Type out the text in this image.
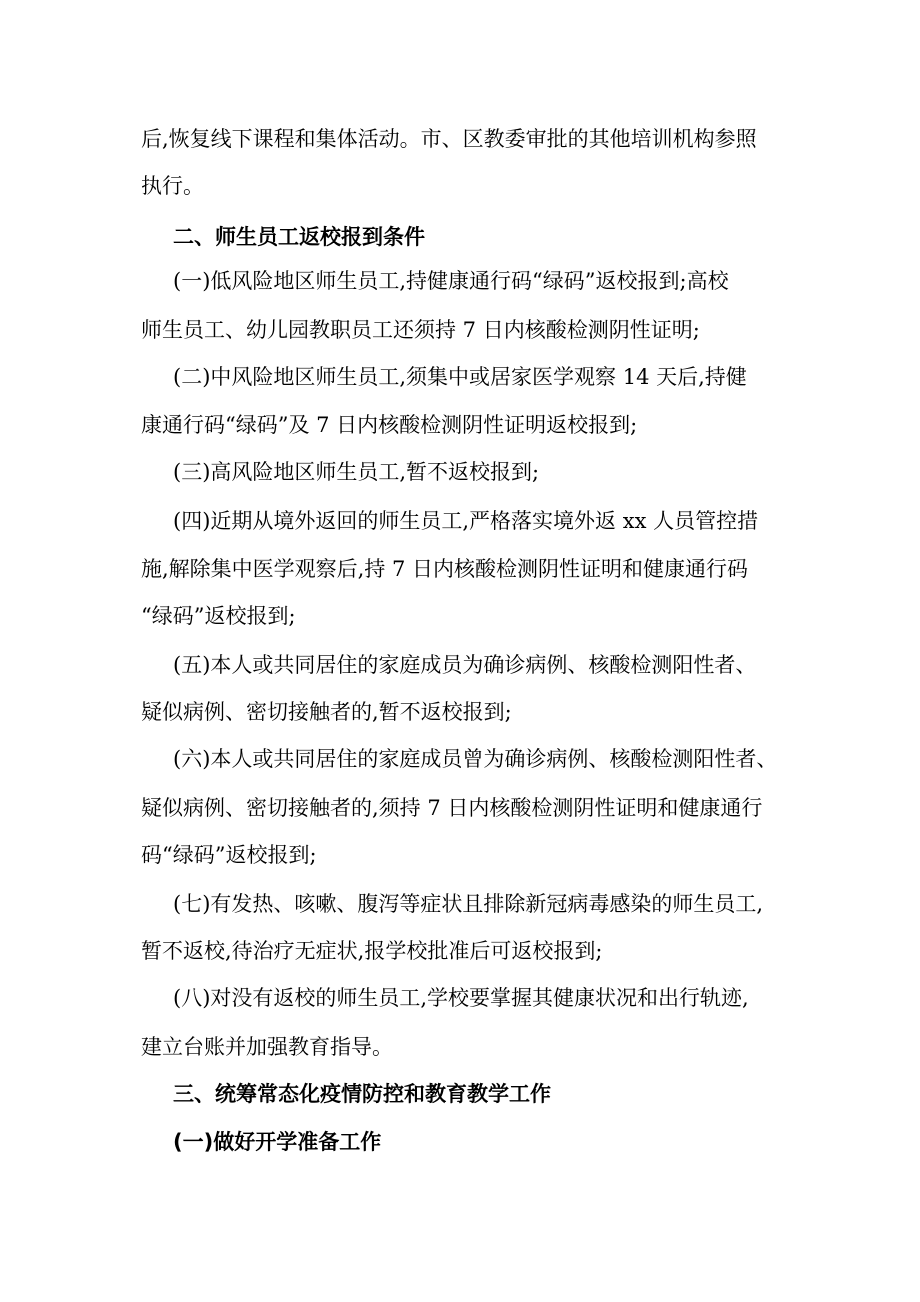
后,恢复线下课程和集体活动。市、区教委审批的其他培训机构参照
执行。
二、师生员工返校报到条件
(一)低风险地区师生员工,持健康通行码“绿码”返校报到;高校
师生员工、幼儿园教职员工还须持 7 日内核酸检测阴性证明;
(二)中风险地区师生员工,须集中或居家医学观察 14 天后,持健
康通行码“绿码”及 7 日内核酸检测阴性证明返校报到;
(三)高风险地区师生员工,暂不返校报到;
(四)近期从境外返回的师生员工,严格落实境外返 xx 人员管控措
施,解除集中医学观察后,持 7 日内核酸检测阴性证明和健康通行码
“绿码”返校报到;
(五)本人或共同居住的家庭成员为确诊病例、核酸检测阳性者、
疑似病例、密切接触者的,暂不返校报到;
(六)本人或共同居住的家庭成员曾为确诊病例、核酸检测阳性者、
疑似病例、密切接触者的,须持 7 日内核酸检测阴性证明和健康通行
码“绿码”返校报到;
(七)有发热、咳嗽、腹泻等症状且排除新冠病毒感染的师生员工,
暂不返校,待治疗无症状,报学校批准后可返校报到;
(八)对没有返校的师生员工,学校要掌握其健康状况和出行轨迹,
建立台账并加强教育指导。
三、统筹常态化疫情防控和教育教学工作
(一)做好开学准备工作
